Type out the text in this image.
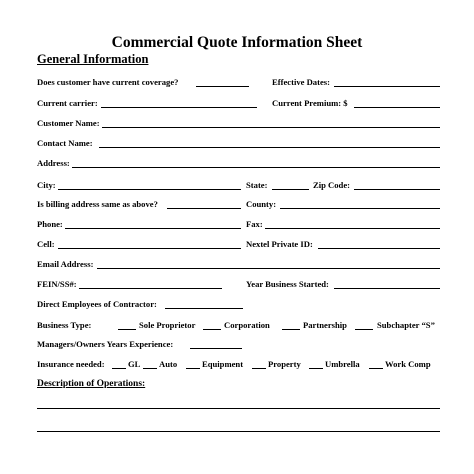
Commercial Quote Information Sheet
General Information
Does customer have current coverage?	Effective Dates:
Current carrier:	Current Premium: $
Customer Name:
Contact Name:
Address:
City:	State:	Zip Code:
Is billing address same as above?	County:
Phone:	Fax:
Cell:	Nextel Private ID:
Email Address:
FEIN/SS#:	Year Business Started:
Direct Employees of Contractor:
Business Type:	Sole Proprietor	Corporation	Partnership	Subchapter “S”
Managers/Owners Years Experience:
Insurance needed:	GL Auto	Equipment	Property	Umbrella	Work Comp
Description of Operations:
